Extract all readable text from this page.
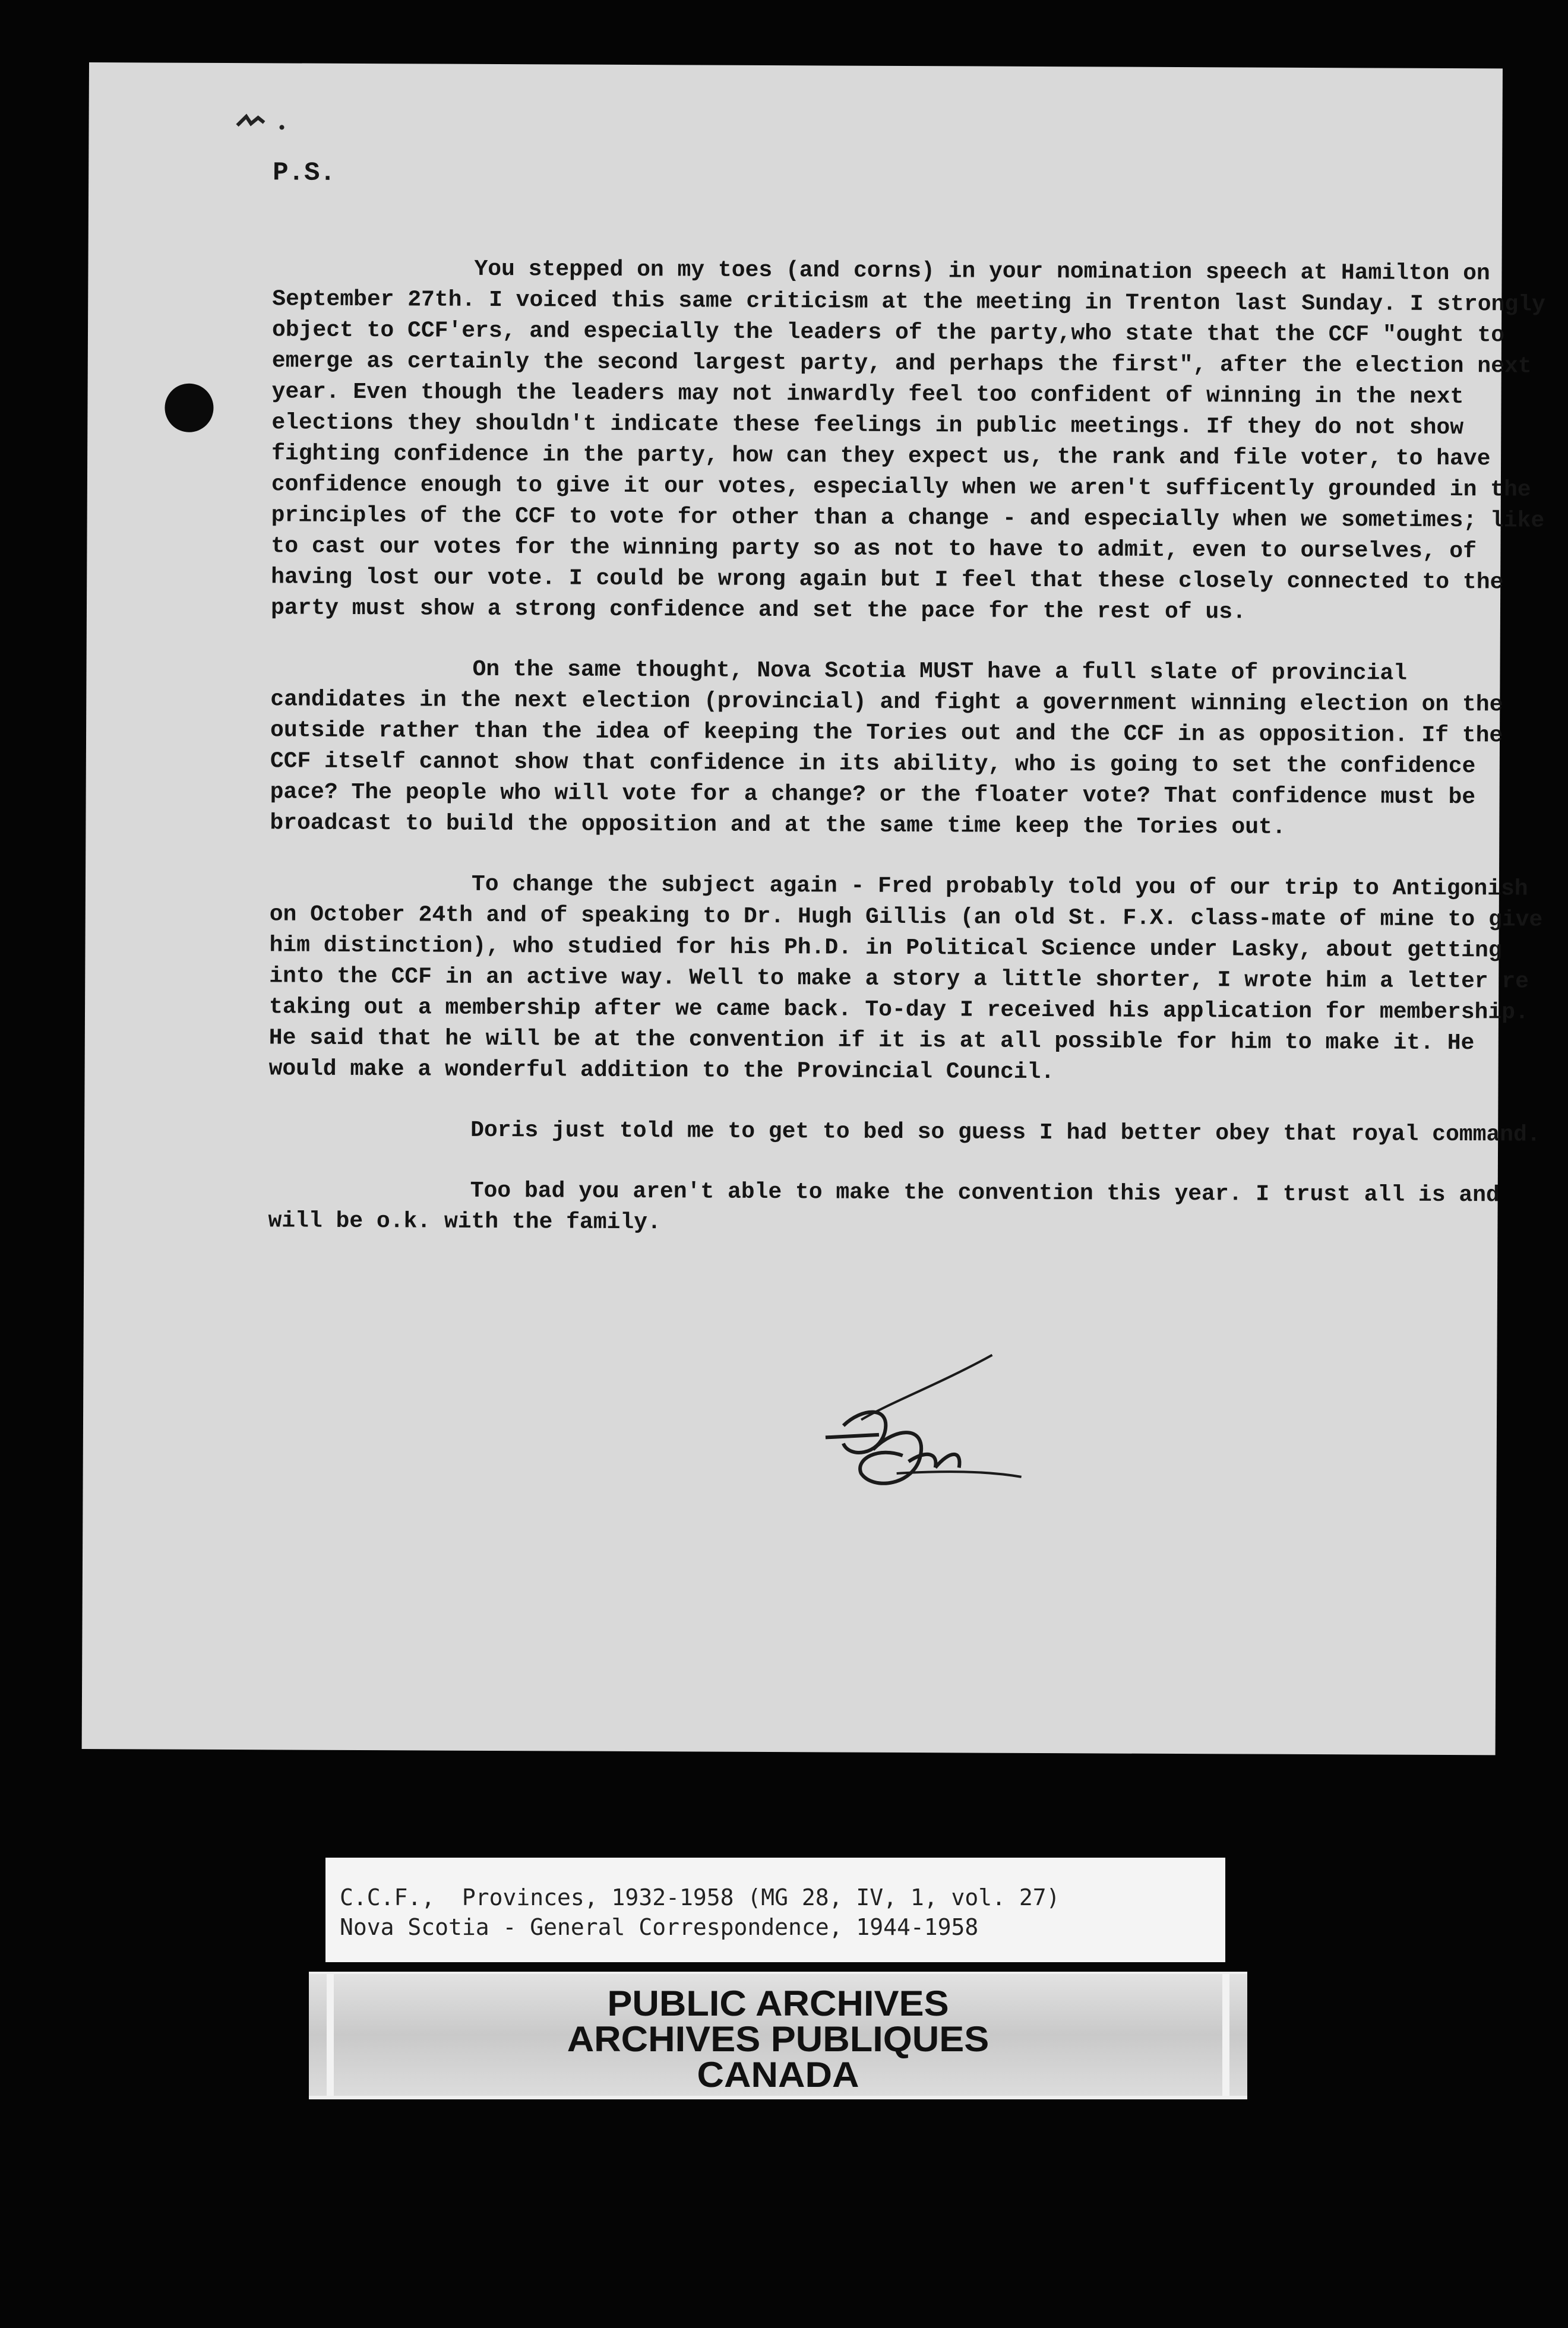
P.S.

You stepped on my toes (and corns) in your nomination speech at Hamilton on September 27th. I voiced this same criticism at the meeting in Trenton last Sunday. I strongly object to CCF'ers, and especially the leaders of the party,who state that the CCF "ought to emerge as certainly the second largest party, and perhaps the first", after the election next year. Even though the leaders may not inwardly feel too confident of winning in the next elections they shouldn't indicate these feelings in public meetings. If they do not show fighting confidence in the party, how can they expect us, the rank and file voter, to have confidence enough to give it our votes, especially when we aren't sufficently grounded in the principles of the CCF to vote for other than a change - and especially when we sometimes; like to cast our votes for the winning party so as not to have to admit, even to ourselves, of having lost our vote. I could be wrong again but I feel that these closely connected to the party must show a strong confidence and set the pace for the rest of us.

On the same thought, Nova Scotia MUST have a full slate of provincial candidates in the next election (provincial) and fight a government winning election on the outside rather than the idea of keeping the Tories out and the CCF in as opposition. If the CCF itself cannot show that confidence in its ability, who is going to set the confidence pace? The people who will vote for a change? or the floater vote? That confidence must be broadcast to build the opposition and at the same time keep the Tories out.

To change the subject again - Fred probably told you of our trip to Antigonish on October 24th and of speaking to Dr. Hugh Gillis (an old St. F.X. class-mate of mine to give him distinction), who studied for his Ph.D. in Political Science under Lasky, about getting into the CCF in an active way. Well to make a story a little shorter, I wrote him a letter re taking out a membership after we came back. To-day I received his application for membership. He said that he will be at the convention if it is at all possible for him to make it. He would make a wonderful addition to the Provincial Council.

Doris just told me to get to bed so guess I had better obey that royal command.

Too bad you aren't able to make the convention this year. I trust all is and will be o.k. with the family.

C.C.F.,  Provinces, 1932-1958 (MG 28, IV, 1, vol. 27)
Nova Scotia - General Correspondence, 1944-1958
PUBLIC ARCHIVES
ARCHIVES PUBLIQUES
CANADA
